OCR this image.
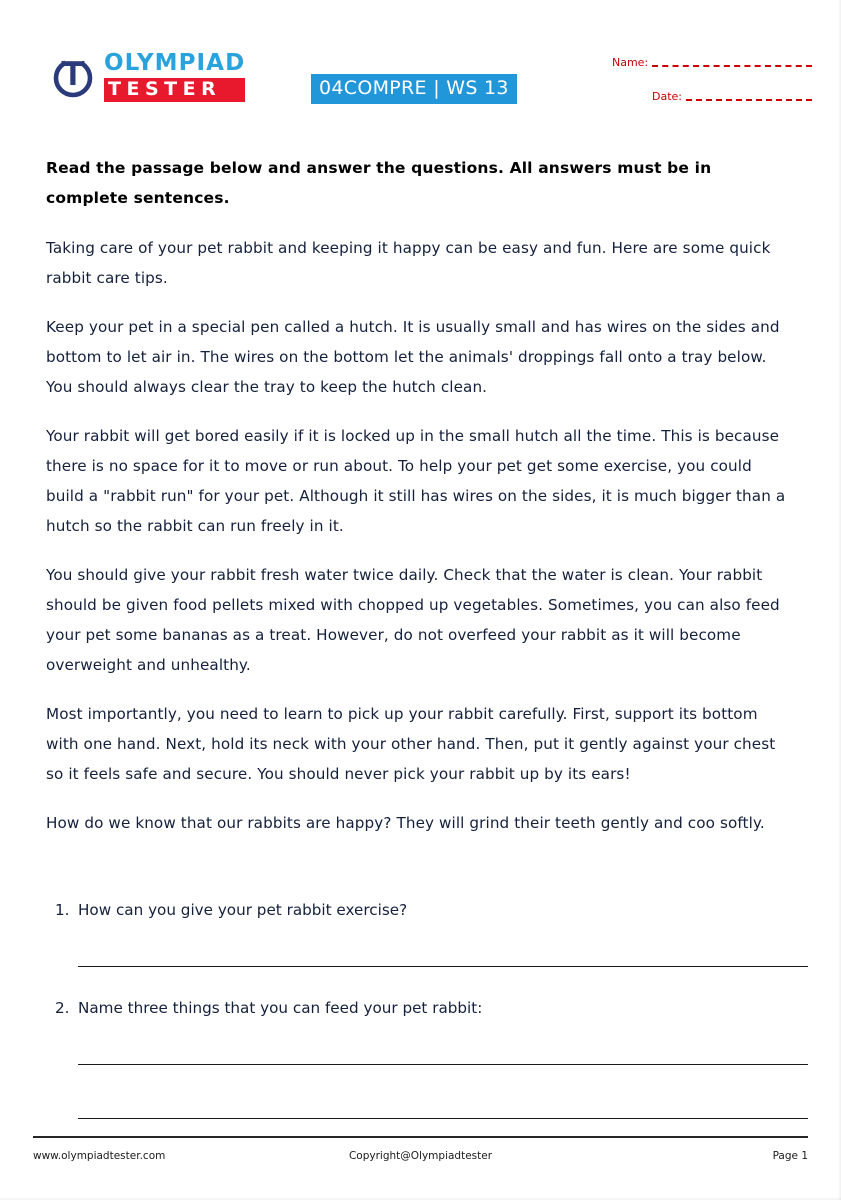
OLYMPIAD
TESTER	04COMPRE | WS 13
Name:
Date:

Read the passage below and answer the questions. All answers must be in complete sentences.

Taking care of your pet rabbit and keeping it happy can be easy and fun. Here are some quick rabbit care tips.

Keep your pet in a special pen called a hutch. It is usually small and has wires on the sides and bottom to let air in. The wires on the bottom let the animals' droppings fall onto a tray below. You should always clear the tray to keep the hutch clean.

Your rabbit will get bored easily if it is locked up in the small hutch all the time. This is because there is no space for it to move or run about. To help your pet get some exercise, you could build a "rabbit run" for your pet. Although it still has wires on the sides, it is much bigger than a hutch so the rabbit can run freely in it.

You should give your rabbit fresh water twice daily. Check that the water is clean. Your rabbit should be given food pellets mixed with chopped up vegetables. Sometimes, you can also feed your pet some bananas as a treat. However, do not overfeed your rabbit as it will become overweight and unhealthy.

Most importantly, you need to learn to pick up your rabbit carefully. First, support its bottom with one hand. Next, hold its neck with your other hand. Then, put it gently against your chest so it feels safe and secure. You should never pick your rabbit up by its ears!

How do we know that our rabbits are happy? They will grind their teeth gently and coo softly.

1. How can you give your pet rabbit exercise?
2. Name three things that you can feed your pet rabbit:
www.olympiadtester.com	Copyright@Olympiadtester	Page 1
